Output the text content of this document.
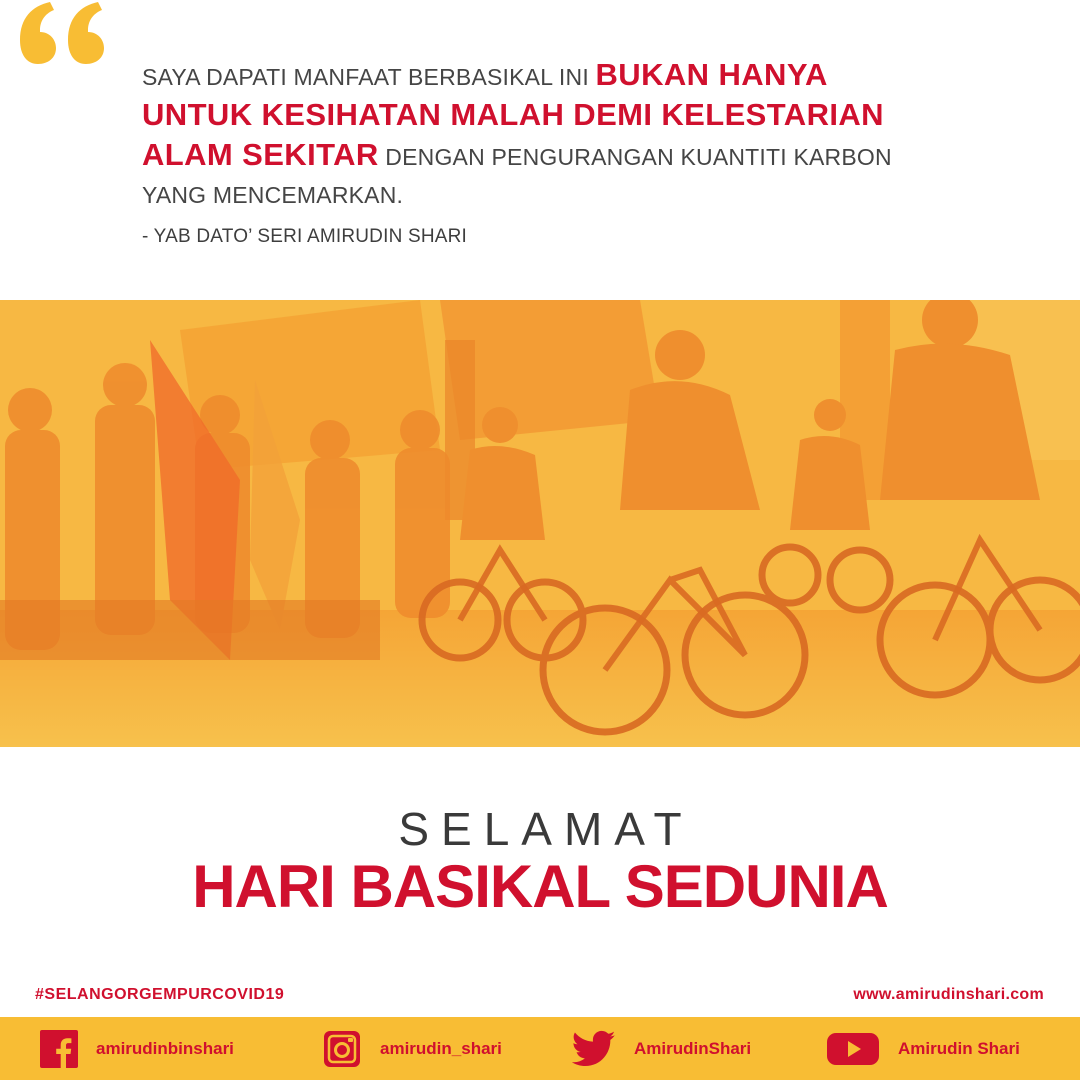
SAYA DAPATI MANFAAT BERBASIKAL INI BUKAN HANYA
UNTUK KESIHATAN MALAH DEMI KELESTARIAN
ALAM SEKITAR DENGAN PENGURANGAN KUANTITI KARBON
YANG MENCEMARKAN.
- YAB DATO’ SERI AMIRUDIN SHARI
SELAMAT
HARI BASIKAL SEDUNIA
#SELANGORGEMPURCOVID19	www.amirudinshari.com
amirudinbinshari	amirudin_shari	AmirudinShari	Amirudin Shari
